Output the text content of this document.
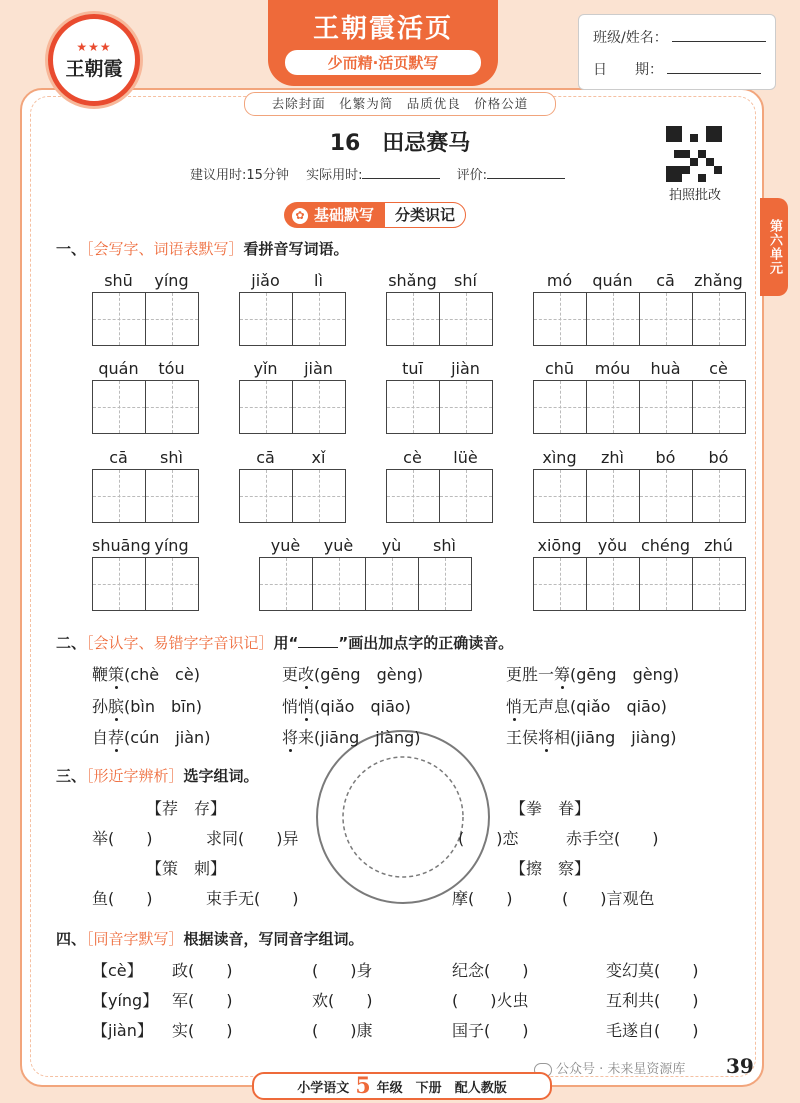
★★★
王朝霞
王朝霞活页
少而精·活页默写
班级/姓名：
日　　期：
去除封面　化繁为简　品质优良　价格公道
16　田忌赛马
建议用时:15分钟　 实际用时:	评价:
拍照批改
第六单元
✿ 基础默写	分类识记
一、［会写字、词语表默写］看拼音写词语。
shū	yíng	jiǎo	lì	shǎng	shí	mó	quán	cā	zhǎng
quán	tóu	yǐn	jiàn	tuī	jiàn	chū	móu	huà	cè
cā	shì	cā	xǐ	cè	lüè	xìng	zhì	bó	bó
shuāng yíng	yuè	yuè	yù	shì	xiōng	yǒu chéng zhú
二、［会认字、易错字字音识记］用“	”画出加点字的正确读音。
鞭策(chè　cè)	更改(gēng　gèng)	更胜一筹(gēng　gèng)
孙膑(bìn　bīn)	悄悄(qiǎo　qiāo)	悄无声息(qiǎo　qiāo)
自荐(cún　jiàn)	将来(jiāng　jiàng)	王侯将相(jiāng　jiàng)
三、［形近字辨析］选字组词。
【荐　存】	【拳　眷】
举(　　)	求同(　　)异	(　　)恋	赤手空(　　)
【策　刺】	【擦　察】
鱼(　　)	束手无(　　)	摩(　　)	(　　)言观色
四、［同音字默写］根据读音，写同音字组词。
【cè】 政(　　)	(　　)身	纪念(　　)	变幻莫(　　)
【yíng】 军(　　)	欢(　　)	(　　)火虫	互利共(　　)
【jiàn】 实(　　)	(　　)康	国子(　　)	毛遂自(　　)
公众号 · 未来星资源库 39
小学语文 5 年级
　 下册
　 配人教版
